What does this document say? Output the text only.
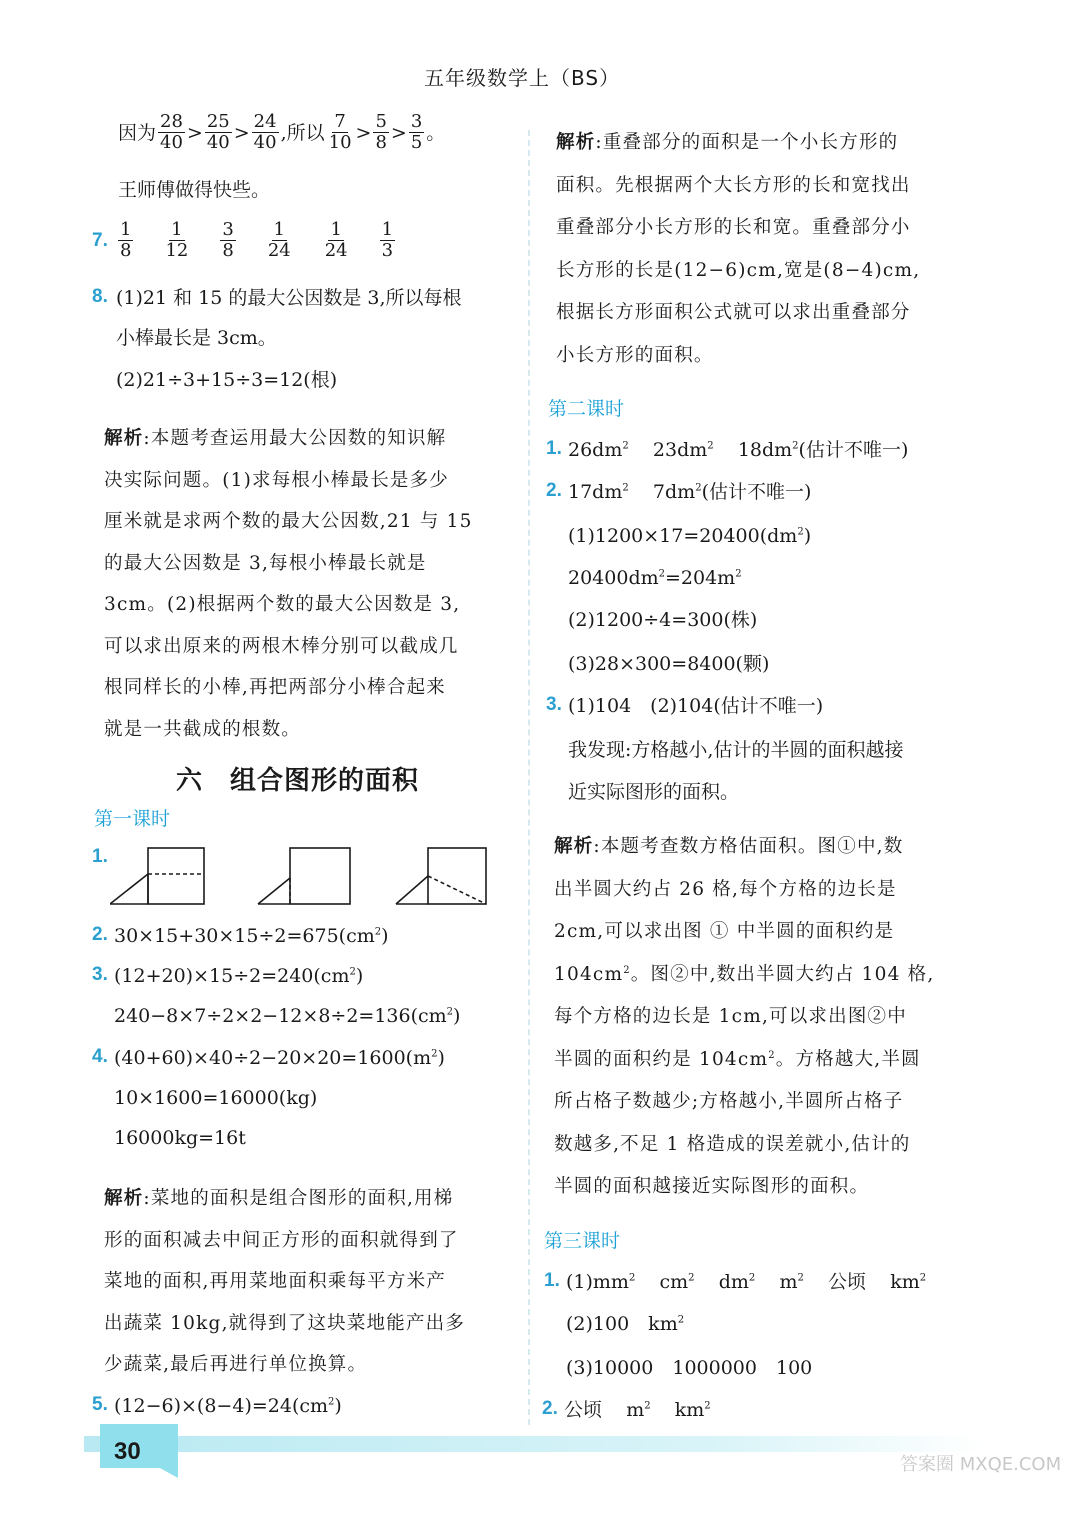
五年级数学上（BS）
因为 $\frac{28}{40} > \frac{25}{40} > \frac{24}{40}$ ,所以 $\frac{7}{10} > \frac{5}{8} > \frac{3}{5}$ 。
王师傅做得快些。
7. $\frac{1}{8} \frac{1}{12} \frac{3}{8} \frac{1}{24} \frac{1}{24} \frac{1}{3}$
8. (1)21 和 15 的最大公因数是 3,所以每根
小棒最长是 3cm。
(2)21÷3+15÷3=12(根)
解析:本题考查运用最大公因数的知识解
决实际问题。(1)求每根小棒最长是多少
厘米就是求两个数的最大公因数,21 与 15
的最大公因数是 3,每根小棒最长就是
3cm。(2)根据两个数的最大公因数是 3,
可以求出原来的两根木棒分别可以截成几
根同样长的小棒,再把两部分小棒合起来
就是一共截成的根数。
六　组合图形的面积
第一课时
1.
2. $30\times 15+30\times 15\div 2=675(cm^2)$
3. $(12+20)\times 15\div 2=240(cm^2)$
$240-8\times 7\div 2\times 2-12\times 8\div 2=136(cm^2)$
4. $(40+60)\times 40\div 2-20\times 20=1600(m^2)$
10×1600=16000(kg)
16000kg=16t
解析:菜地的面积是组合图形的面积,用梯
形的面积减去中间正方形的面积就得到了
菜地的面积,再用菜地面积乘每平方米产
出蔬菜 10kg,就得到了这块菜地能产出多
少蔬菜,最后再进行单位换算。
5. $(12-6)\times(8-4)=24(cm^2)$
解析:重叠部分的面积是一个小长方形的
面积。先根据两个大长方形的长和宽找出
重叠部分小长方形的长和宽。重叠部分小
长方形的长是(12−6)cm,宽是(8−4)cm,
根据长方形面积公式就可以求出重叠部分
小长方形的面积。
第二课时
1. $26dm^2$ $23dm^2$ $18dm^2$(估计不唯一)
2. $17dm^2$ $7dm^2$(估计不唯一)
$(1)1200\times 17=20400(dm^2)$
$20400dm^2=204m^2$
(2)1200÷4=300(株)
(3)28×300=8400(颗)
3. (1)104　(2)104(估计不唯一)
我发现:方格越小,估计的半圆的面积越接
近实际图形的面积。
解析:本题考查数方格估面积。图①中,数
出半圆大约占 26 格,每个方格的边长是
2cm,可以求出图 ① 中半圆的面积约是
$104cm^2$。图②中,数出半圆大约占 104 格,
每个方格的边长是 1cm,可以求出图②中
半圆的面积约是 $104cm^2$。方格越大,半圆
所占格子数越少;方格越小,半圆所占格子
数越多,不足 1 格造成的误差就小,估计的
半圆的面积越接近实际图形的面积。
第三课时
1. $(1)mm^2$ $cm^2$ $dm^2$ $m^2$ 公顷 $km^2$
(2)100　$km^2$
(3)10000　1000000　100
2. 公顷 $m^2$ $km^2$
30	答案圈 MXQE.COM
